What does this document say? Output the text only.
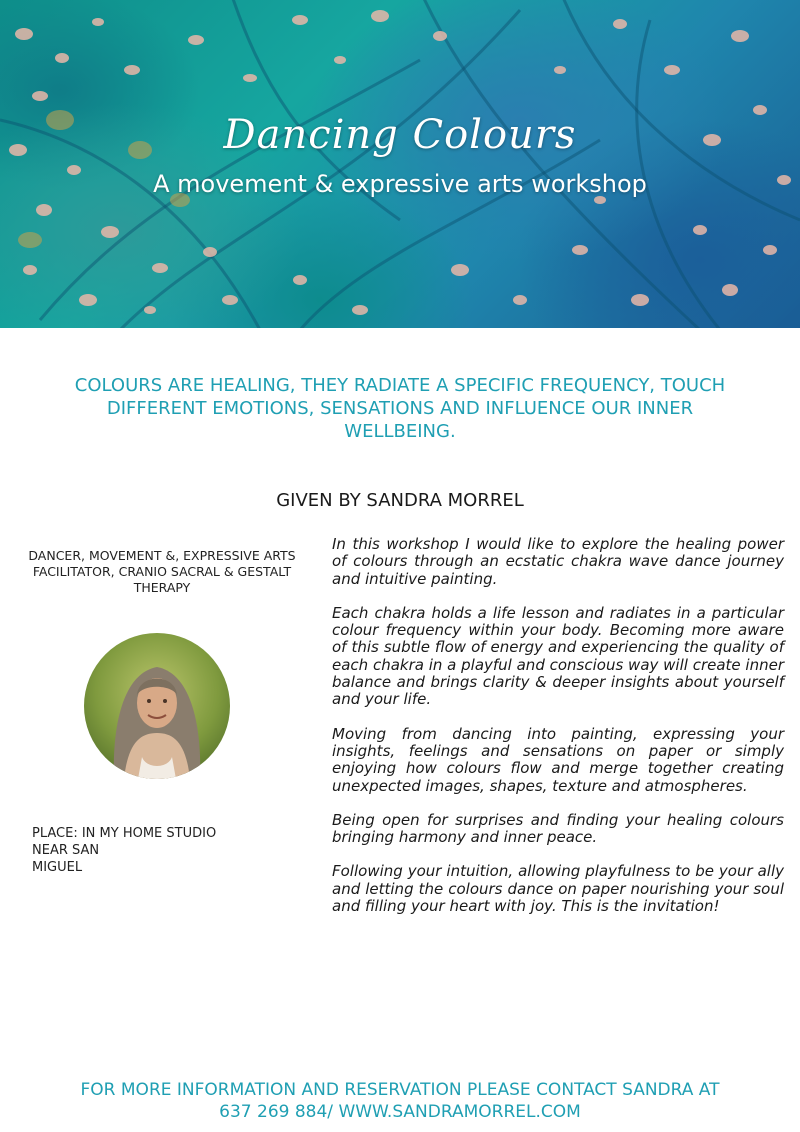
Dancing Colours
A movement & expressive arts workshop
COLOURS ARE HEALING, THEY RADIATE A SPECIFIC FREQUENCY, TOUCH DIFFERENT EMOTIONS, SENSATIONS AND INFLUENCE OUR INNER WELLBEING.
GIVEN BY SANDRA MORREL
DANCER, MOVEMENT &, EXPRESSIVE ARTS FACILITATOR, CRANIO SACRAL & GESTALT THERAPY
PLACE: IN MY HOME STUDIO
NEAR SAN
MIGUEL

In this workshop I would like to explore the healing power of colours through an ecstatic chakra wave dance journey and intuitive painting.

Each chakra holds a life lesson and radiates in a particular colour frequency within your body. Becoming more aware of this subtle flow of energy and experiencing the quality of each chakra in a playful and conscious way will create inner balance and brings clarity & deeper insights about yourself and your life.

Moving from dancing into painting, expressing your insights, feelings and sensations on paper or simply enjoying how colours flow and merge together creating unexpected images, shapes, texture and atmospheres.

Being open for surprises and finding your healing colours bringing harmony and inner peace.

Following your intuition, allowing playfulness to be your ally and letting the colours dance on paper nourishing your soul and filling your heart with joy. This is the invitation!

FOR MORE INFORMATION AND RESERVATION PLEASE CONTACT SANDRA AT
637 269 884/ WWW.SANDRAMORREL.COM
